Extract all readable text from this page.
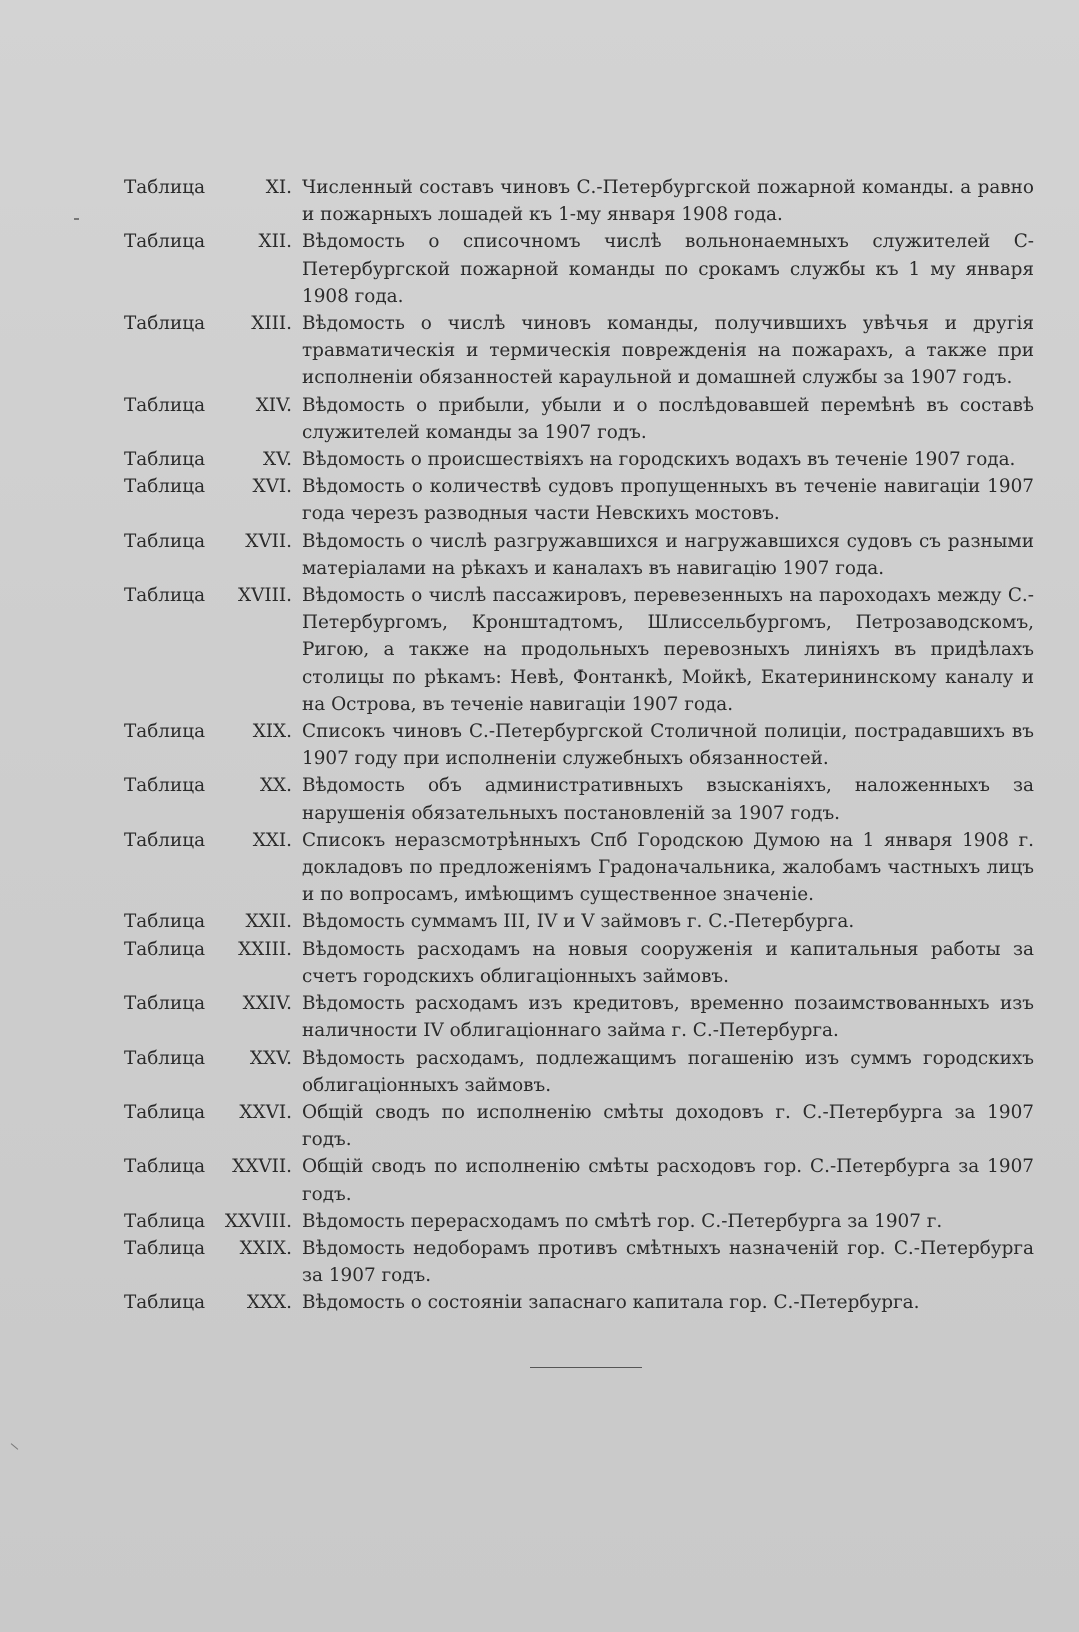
Таблица	XI. Численный составъ чиновъ С.-Петербургской пожарной команды. а равно и пожарныхъ лошадей къ 1-му января 1908 года.
Таблица	XII. Вѣдомость о списочномъ числѣ вольнонаемныхъ служителей С-Петербургской пожарной команды по срокамъ службы къ 1 му января 1908 года.
Таблица	XIII. Вѣдомость о числѣ чиновъ команды, получившихъ увѣчья и другія травматическія и термическія поврежденія на пожарахъ, а также при исполненіи обязанностей караульной и домашней службы за 1907 годъ.
Таблица	XIV. Вѣдомость о прибыли, убыли и о послѣдовавшей перемѣнѣ въ составѣ служителей команды за 1907 годъ.
Таблица	XV. Вѣдомость о происшествіяхъ на городскихъ водахъ въ теченіе 1907 года.
Таблица	XVI. Вѣдомость о количествѣ судовъ пропущенныхъ въ теченіе навигаціи 1907 года черезъ разводныя части Невскихъ мостовъ.
Таблица	XVII. Вѣдомость о числѣ разгружавшихся и нагружавшихся судовъ съ разными матеріалами на рѣкахъ и каналахъ въ навигацію 1907 года.
Таблица	XVIII. Вѣдомость о числѣ пассажировъ, перевезенныхъ на пароходахъ между С.-Петербургомъ, Кронштадтомъ, Шлиссельбургомъ, Петрозаводскомъ, Ригою, а также на продольныхъ перевозныхъ линіяхъ въ придѣлахъ столицы по рѣкамъ: Невѣ, Фонтанкѣ, Мойкѣ, Екатерининскому каналу и на Острова, въ теченіе навигаціи 1907 года.
Таблица	XIX. Списокъ чиновъ С.-Петербургской Столичной полиціи, пострадавшихъ въ 1907 году при исполненіи служебныхъ обязанностей.
Таблица	XX. Вѣдомость объ административныхъ взысканіяхъ, наложенныхъ за нарушенія обязательныхъ постановленій за 1907 годъ.
Таблица	XXI. Списокъ неразсмотрѣнныхъ Спб Городскою Думою на 1 января 1908 г. докладовъ по предложеніямъ Градоначальника, жалобамъ частныхъ лицъ и по вопросамъ, имѣющимъ существенное значеніе.
Таблица	XXII. Вѣдомость суммамъ III, IV и V займовъ г. С.-Петербурга.
Таблица	XXIII. Вѣдомость расходамъ на новыя сооруженія и капитальныя работы за счетъ городскихъ облигаціонныхъ займовъ.
Таблица	XXIV. Вѣдомость расходамъ изъ кредитовъ, временно позаимствованныхъ изъ наличности IV облигаціоннаго займа г. С.-Петербурга.
Таблица	XXV. Вѣдомость расходамъ, подлежащимъ погашенію изъ суммъ городскихъ облигаціонныхъ займовъ.
Таблица	XXVI. Общій сводъ по исполненію смѣты доходовъ г. С.-Петербурга за 1907 годъ.
Таблица	XXVII. Общій сводъ по исполненію смѣты расходовъ гор. С.-Петербурга за 1907 годъ.
Таблица	XXVIII. Вѣдомость перерасходамъ по смѣтѣ гор. С.-Петербурга за 1907 г.
Таблица	XXIX. Вѣдомость недоборамъ противъ смѣтныхъ назначеній гор. С.-Петербурга за 1907 годъ.
Таблица	XXX. Вѣдомость о состояніи запаснаго капитала гор. С.-Петербурга.
